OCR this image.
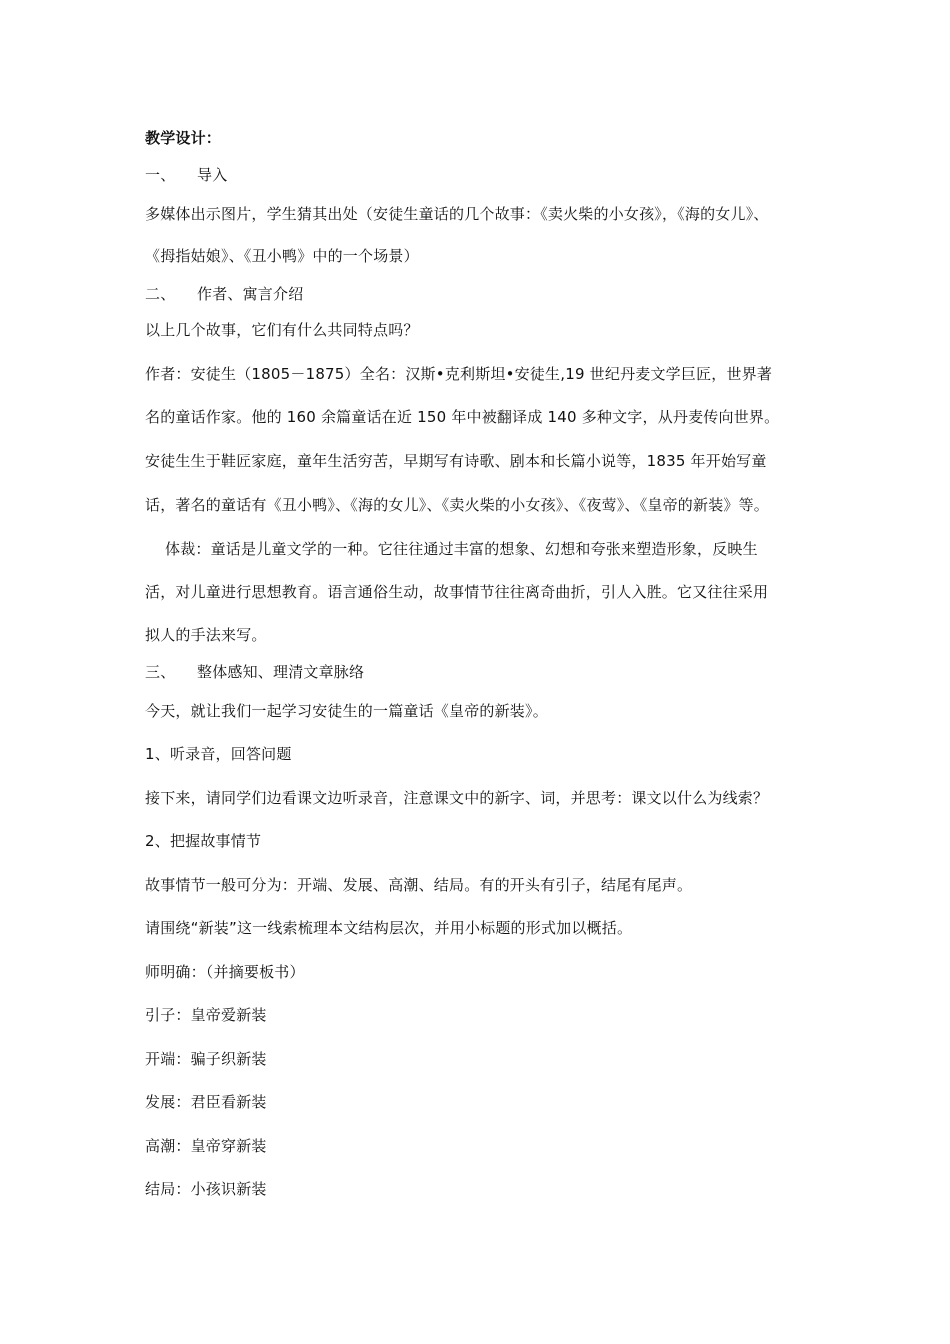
教学设计：
一、 导入
多媒体出示图片，学生猜其出处（安徒生童话的几个故事：《卖火柴的小女孩》，《海的女儿》、
《拇指姑娘》、《丑小鸭》中的一个场景）
二、 作者、寓言介绍
以上几个故事，它们有什么共同特点吗？
作者：安徒生（1805－1875）全名：汉斯•克利斯坦•安徒生,19 世纪丹麦文学巨匠，世界著
名的童话作家。他的 160 余篇童话在近 150 年中被翻译成 140 多种文字，从丹麦传向世界。
安徒生生于鞋匠家庭，童年生活穷苦，早期写有诗歌、剧本和长篇小说等，1835 年开始写童
话，著名的童话有《丑小鸭》、《海的女儿》、《卖火柴的小女孩》、《夜莺》、《皇帝的新装》等。
体裁：童话是儿童文学的一种。它往往通过丰富的想象、幻想和夸张来塑造形象，反映生
活，对儿童进行思想教育。语言通俗生动，故事情节往往离奇曲折，引人入胜。它又往往采用
拟人的手法来写。
三、 整体感知、理清文章脉络
今天，就让我们一起学习安徒生的一篇童话《皇帝的新装》。
1、听录音，回答问题
接下来，请同学们边看课文边听录音，注意课文中的新字、词，并思考：课文以什么为线索？
2、把握故事情节
故事情节一般可分为：开端、发展、高潮、结局。有的开头有引子，结尾有尾声。
请围绕“新装”这一线索梳理本文结构层次，并用小标题的形式加以概括。
师明确：（并摘要板书）
引子：皇帝爱新装
开端：骗子织新装
发展：君臣看新装
高潮：皇帝穿新装
结局：小孩识新装
